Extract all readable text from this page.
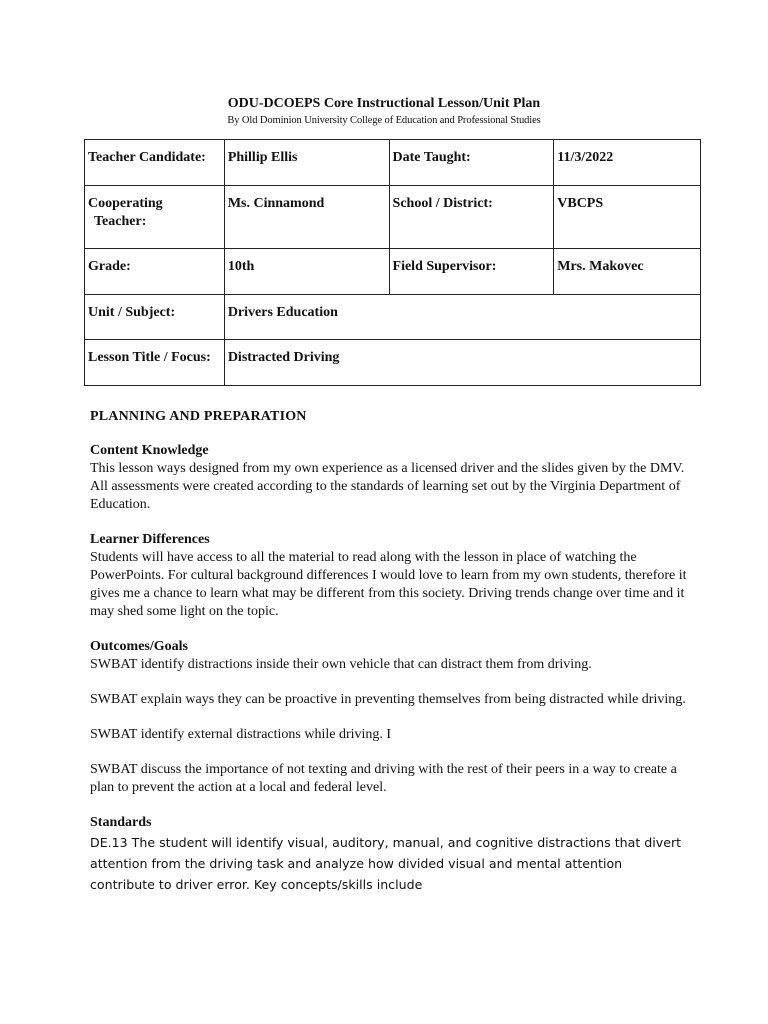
ODU-DCOEPS Core Instructional Lesson/Unit Plan
By Old Dominion University College of Education and Professional Studies
Teacher Candidate:	Phillip Ellis	Date Taught:	11/3/2022
Cooperating
Teacher:	Ms. Cinnamond	School / District:	VBCPS
Grade:	10th	Field Supervisor:	Mrs. Makovec
Unit / Subject:	Drivers Education		
Lesson Title / Focus:	Distracted Driving		

PLANNING AND PREPARATION

Content Knowledge

This lesson ways designed from my own experience as a licensed driver and the slides given by the DMV. All assessments were created according to the standards of learning set out by the Virginia Department of Education.

Learner Differences

Students will have access to all the material to read along with the lesson in place of watching the PowerPoints. For cultural background differences I would love to learn from my own students, therefore it gives me a chance to learn what may be different from this society. Driving trends change over time and it may shed some light on the topic.

Outcomes/Goals

SWBAT identify distractions inside their own vehicle that can distract them from driving.

SWBAT explain ways they can be proactive in preventing themselves from being distracted while driving.

SWBAT identify external distractions while driving. I

SWBAT discuss the importance of not texting and driving with the rest of their peers in a way to create a plan to prevent the action at a local and federal level.

Standards

DE.13 The student will identify visual, auditory, manual, and cognitive distractions that divert attention from the driving task and analyze how divided visual and mental attention contribute to driver error. Key concepts/skills include
